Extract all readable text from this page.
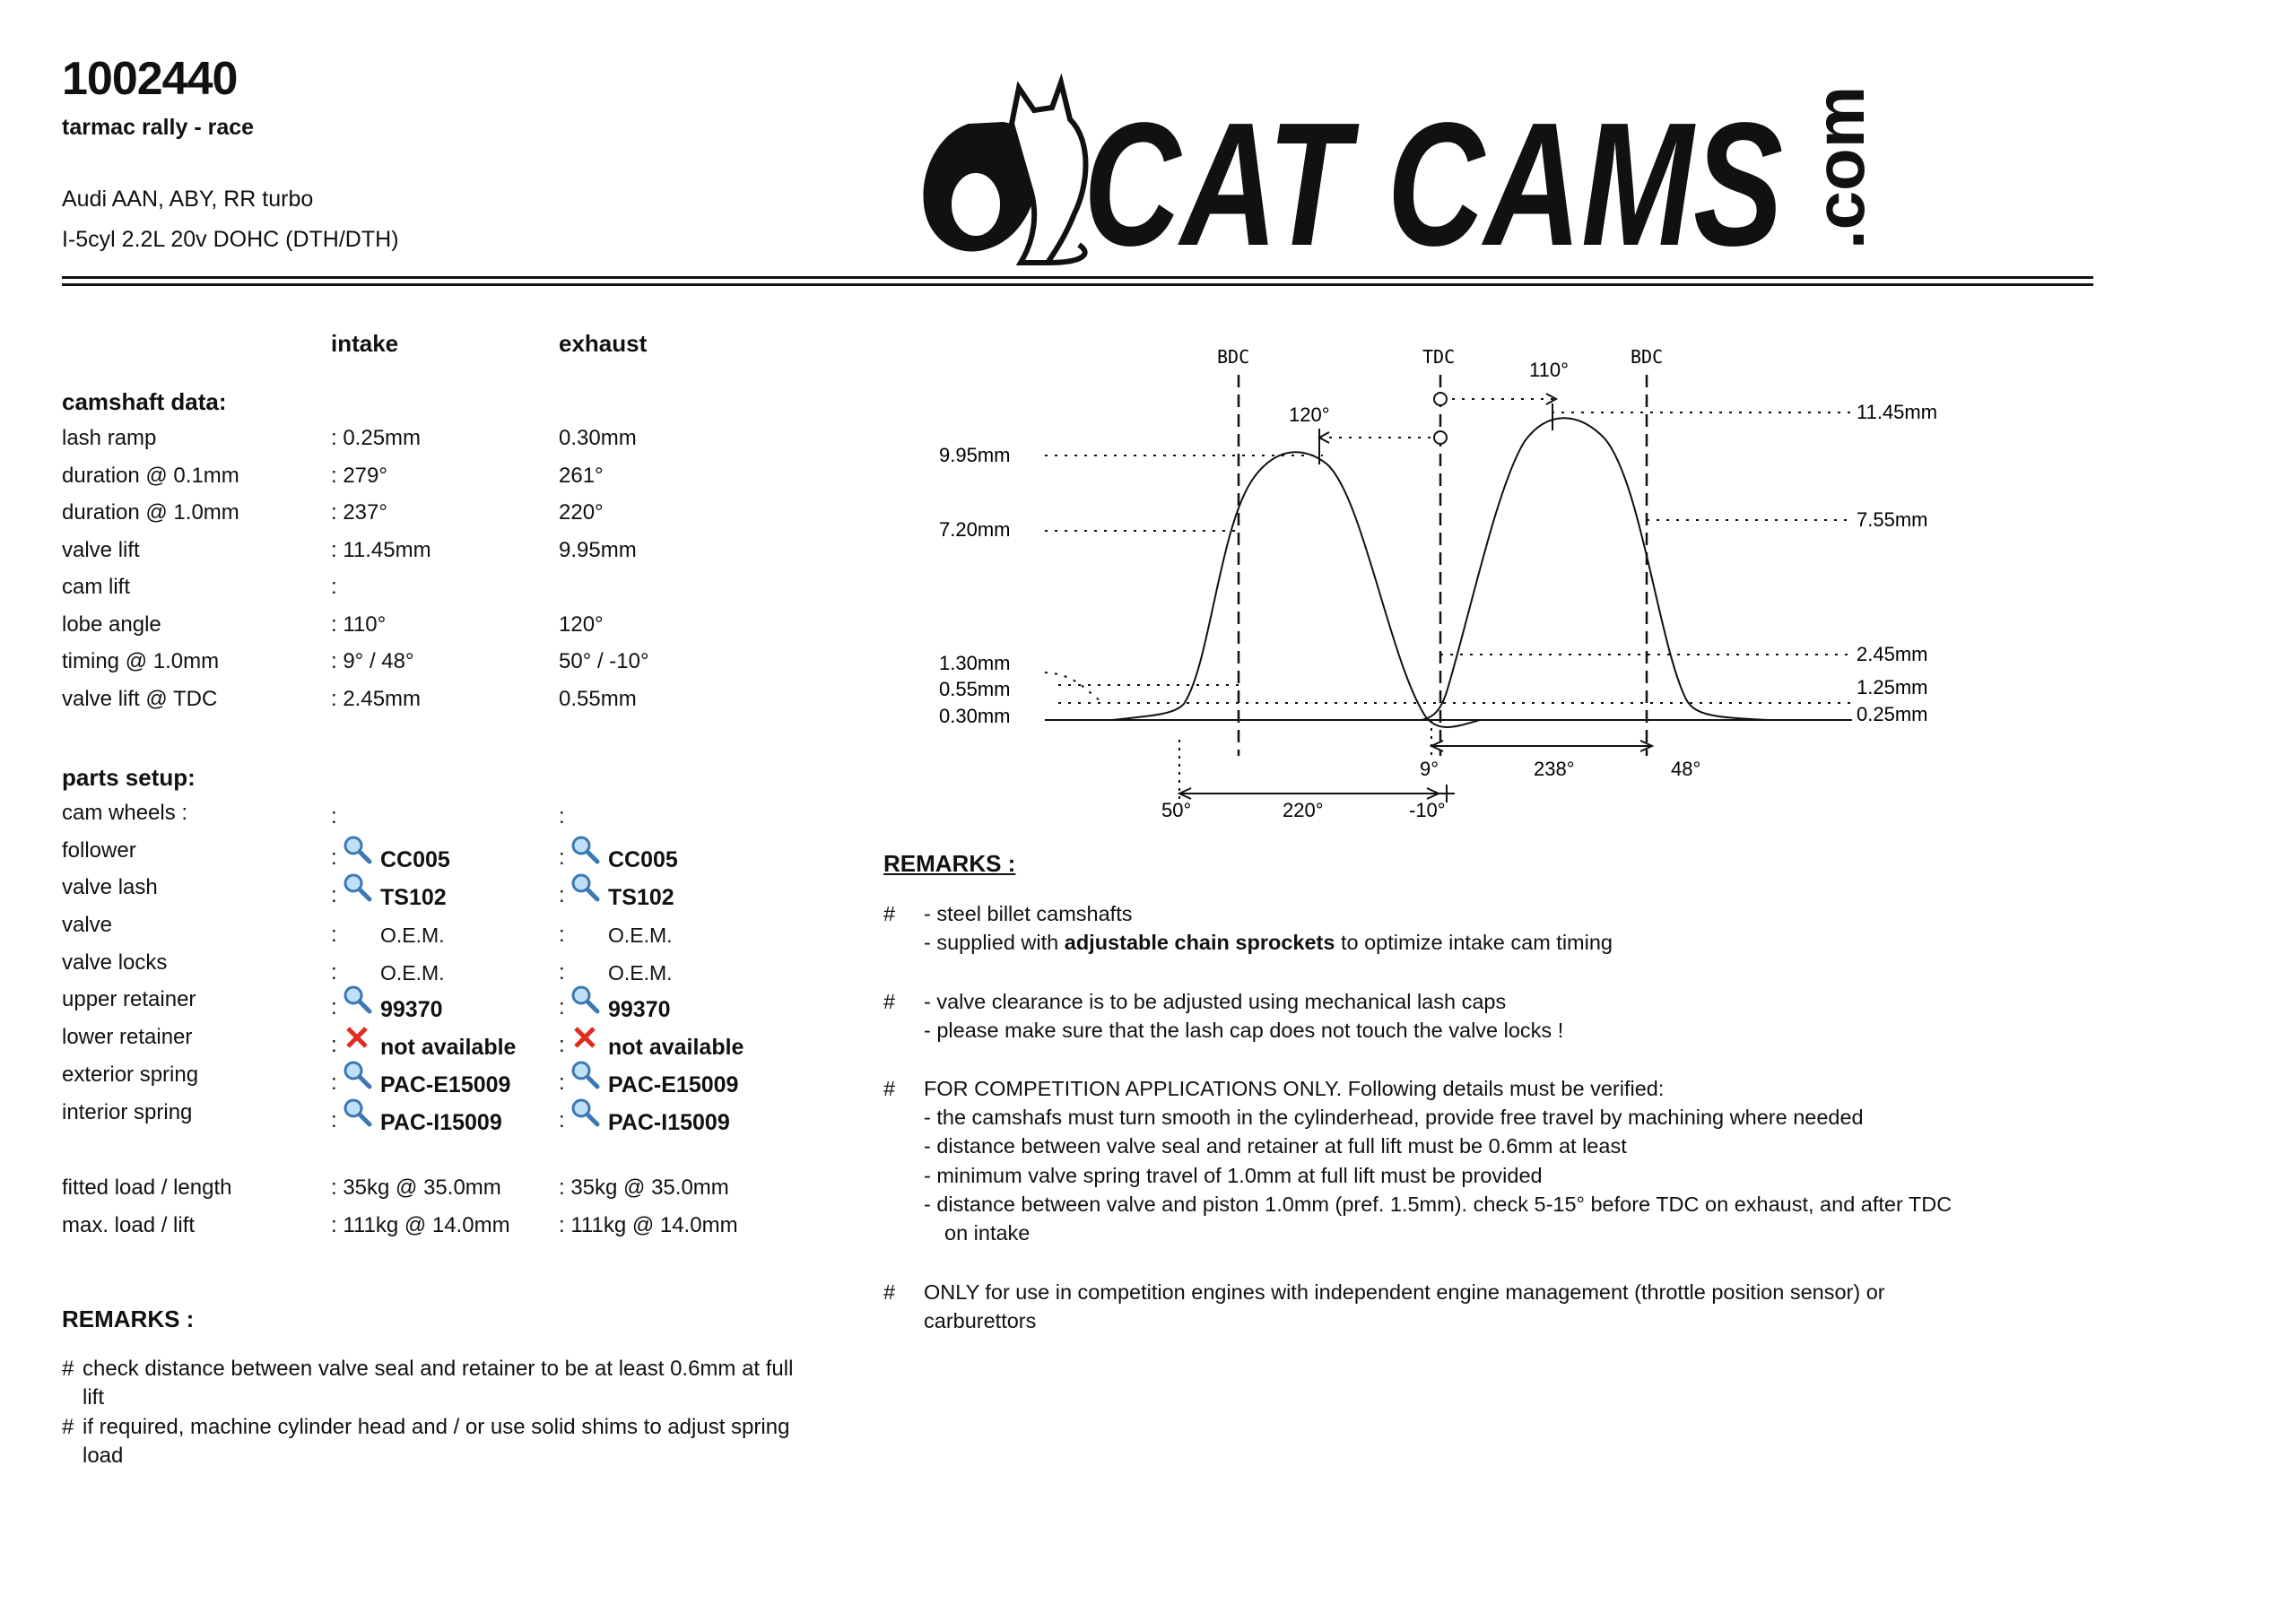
1002440
tarmac rally - race
Audi AAN, ABY, RR turbo
I-5cyl 2.2L 20v DOHC (DTH/DTH)	CAT CAMS .com
intake	exhaust
camshaft data:
lash ramp	: 0.25mm	0.30mm
duration @ 0.1mm	: 279°	261°
duration @ 1.0mm	: 237°	220°
valve lift	: 11.45mm	9.95mm
cam lift	:
lobe angle	: 110°	120°
timing @ 1.0mm	: 9° / 48°	50° / -10°
valve lift @ TDC	: 2.45mm	0.55mm
parts setup:
cam wheels :	:	:
follower	: CC005	: CC005
valve lash	: TS102	: TS102
valve	: O.E.M.	: O.E.M.
valve locks	: O.E.M.	: O.E.M.
upper retainer	: 99370	: 99370
lower retainer	: not available : not available
exterior spring	: PAC-E15009 : PAC-E15009
interior spring	: PAC-I15009	: PAC-I15009
fitted load / length	: 35kg @ 35.0mm	: 35kg @ 35.0mm
max. load / lift	: 111kg @ 14.0mm : 111kg @ 14.0mm
REMARKS :
# check distance between valve seal and retainer to be at least 0.6mm at full
lift
# if required, machine cylinder head and / or use solid shims to adjust spring
load
BDC	TDC	BDC
120°
110°
9.95mm
7.20mm
1.30mm
0.55mm
0.30mm
11.45mm
7.55mm
2.45mm
1.25mm
0.25mm
9°	238°	48°
50°	220°	-10°
REMARKS :
# - steel billet camshafts
- supplied with adjustable chain sprockets to optimize intake cam timing
# - valve clearance is to be adjusted using mechanical lash caps
- please make sure that the lash cap does not touch the valve locks !
# FOR COMPETITION APPLICATIONS ONLY. Following details must be verified:
- the camshafs must turn smooth in the cylinderhead, provide free travel by machining where needed
- distance between valve seal and retainer at full lift must be 0.6mm at least
- minimum valve spring travel of 1.0mm at full lift must be provided
- distance between valve and piston 1.0mm (pref. 1.5mm). check 5-15° before TDC on exhaust, and after TDC
on intake
# ONLY for use in competition engines with independent engine management (throttle position sensor) or
carburettors
